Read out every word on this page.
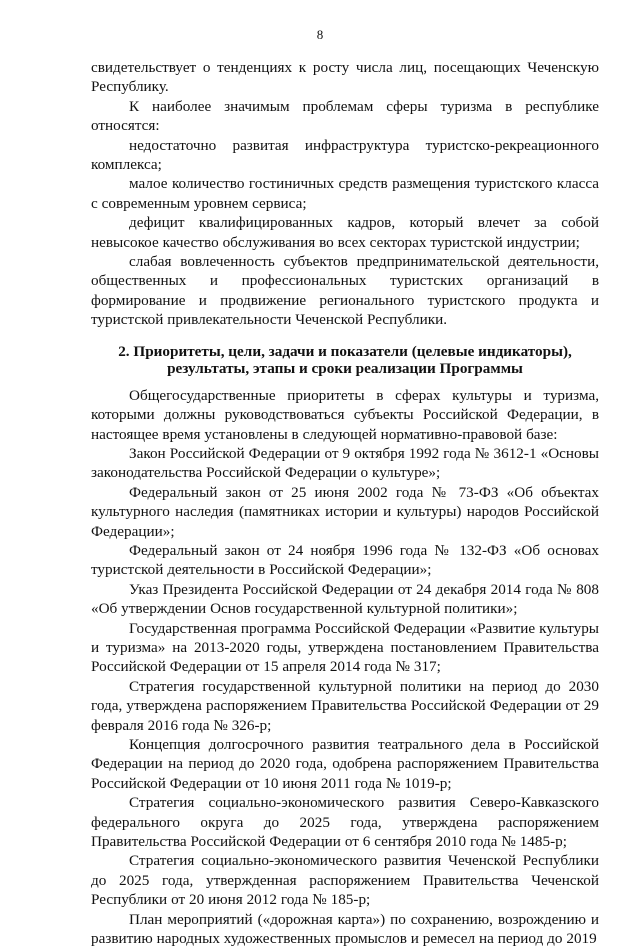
8

свидетельствует о тенденциях к росту числа лиц, посещающих Чеченскую Республику.

К наиболее значимым проблемам сферы туризма в республике относятся:

недостаточно развитая инфраструктура туристско-рекреационного комплекса;

малое количество гостиничных средств размещения туристского класса с современным уровнем сервиса;

дефицит квалифицированных кадров, который влечет за собой невысокое качество обслуживания во всех секторах туристской индустрии;

слабая вовлеченность субъектов предпринимательской деятельности, общественных и профессиональных туристских организаций в формирование и продвижение регионального туристского продукта и туристской привлекательности Чеченской Республики.

2. Приоритеты, цели, задачи и показатели (целевые индикаторы),
результаты, этапы и сроки реализации Программы

Общегосударственные приоритеты в сферах культуры и туризма, которыми должны руководствоваться субъекты Российской Федерации, в настоящее время установлены в следующей нормативно-правовой базе:

Закон Российской Федерации от 9 октября 1992 года № 3612-1 «Основы законодательства Российской Федерации о культуре»;

Федеральный закон от 25 июня 2002 года № 73-ФЗ «Об объектах культурного наследия (памятниках истории и культуры) народов Российской Федерации»;

Федеральный закон от 24 ноября 1996 года № 132-ФЗ «Об основах туристской деятельности в Российской Федерации»;

Указ Президента Российской Федерации от 24 декабря 2014 года № 808 «Об утверждении Основ государственной культурной политики»;

Государственная программа Российской Федерации «Развитие культуры и туризма» на 2013-2020 годы, утверждена постановлением Правительства Российской Федерации от 15 апреля 2014 года № 317;

Стратегия государственной культурной политики на период до 2030 года, утверждена распоряжением Правительства Российской Федерации от 29 февраля 2016 года № 326-р;

Концепция долгосрочного развития театрального дела в Российской Федерации на период до 2020 года, одобрена распоряжением Правительства Российской Федерации от 10 июня 2011 года № 1019-р;

Стратегия социально-экономического развития Северо-Кавказского федерального округа до 2025 года, утверждена распоряжением Правительства Российской Федерации от 6 сентября 2010 года № 1485-р;

Стратегия социально-экономического развития Чеченской Республики до 2025 года, утвержденная распоряжением Правительства Чеченской Республики от 20 июня 2012 года № 185-р;

План мероприятий («дорожная карта») по сохранению, возрождению и развитию народных художественных промыслов и ремесел на период до 2019
